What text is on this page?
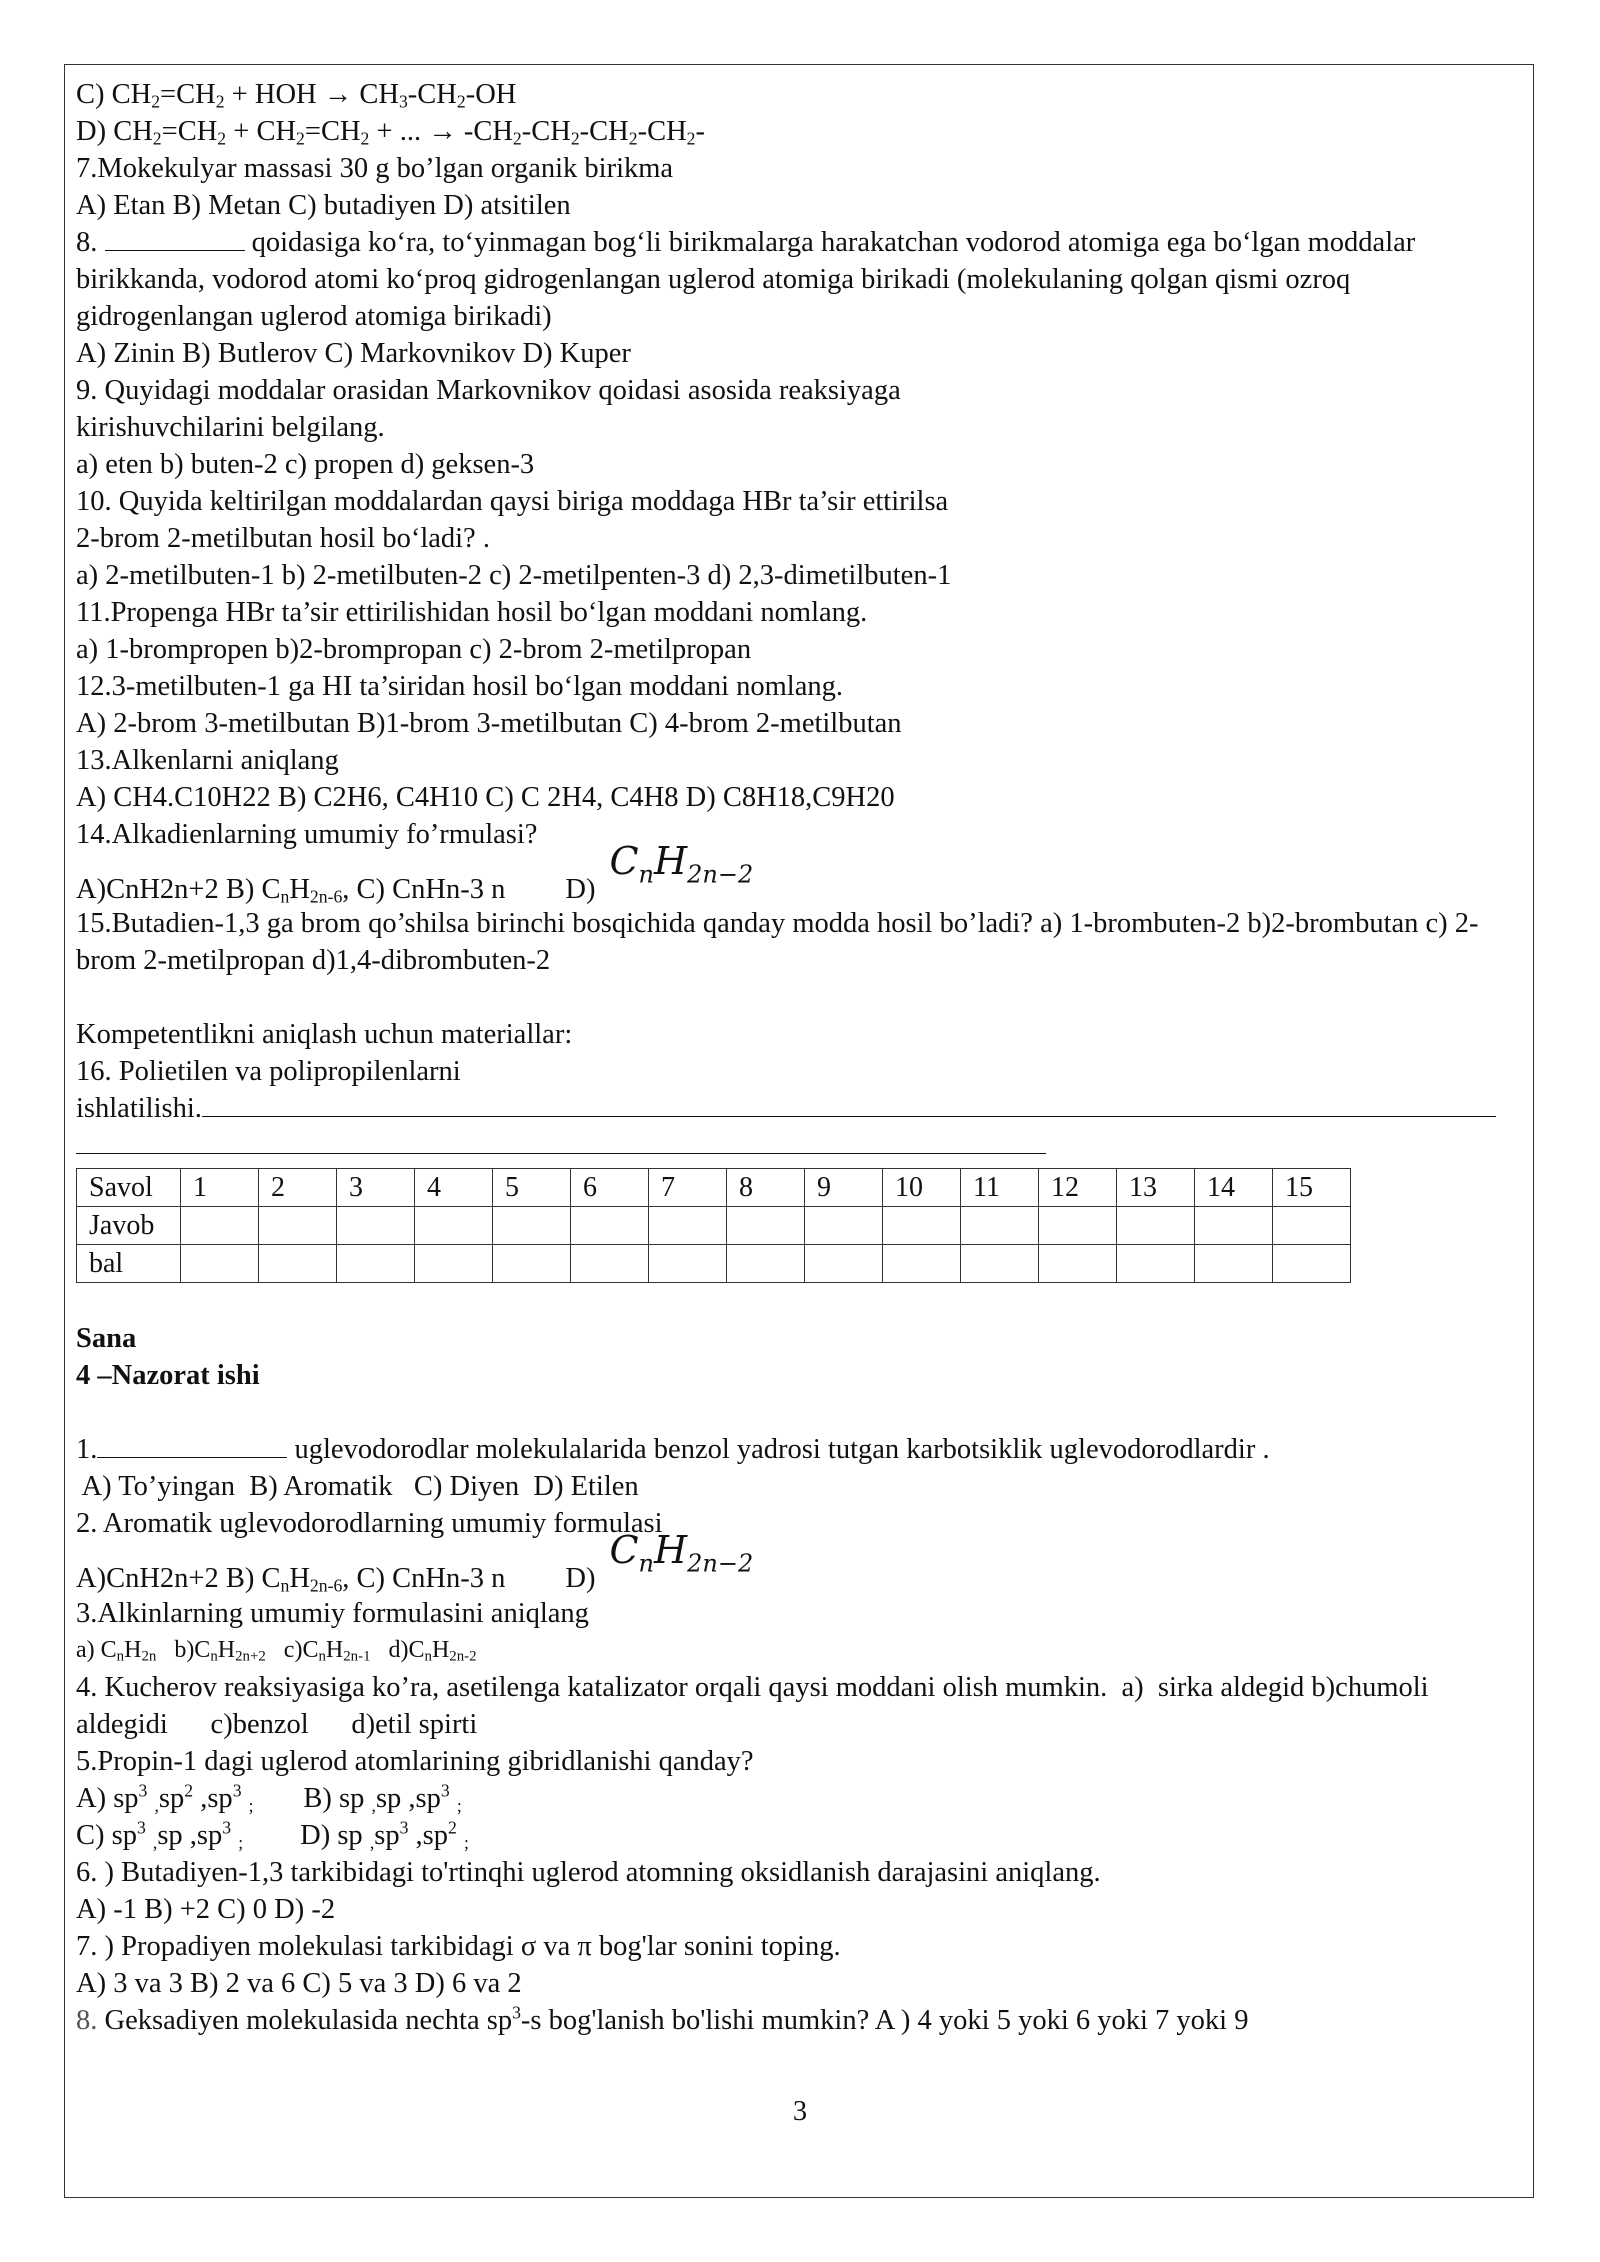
C) $CH_2=CH_2$ + HOH → $CH_3-CH_2-OH$
D) $CH_2=CH_2 + CH_2=CH_2$ + ... → $-CH_2-CH_2-CH_2-CH_2-$
7.Mokekulyar massasi 30 g bo’lgan organik birikma
A) Etan B) Metan C) butadiyen D) atsitilen
8.	qoidasiga ko‘ra, to‘yinmagan bog‘li birikmalarga harakatchan vodorod atomiga ega bo‘lgan moddalar birikkanda, vodorod atomi ko‘proq gidrogenlangan uglerod atomiga birikadi (molekulaning qolgan qismi ozroq gidrogenlangan uglerod atomiga birikadi)
A) Zinin B) Butlerov C) Markovnikov D) Kuper
9. Quyidagi moddalar orasidan Markovnikov qoidasi asosida reaksiyaga
kirishuvchilarini belgilang.
a) eten b) buten-2 c) propen d) geksen-3
10. Quyida keltirilgan moddalardan qaysi biriga moddaga HBr ta’sir ettirilsa
2-brom 2-metilbutan hosil bo‘ladi? .
a) 2-metilbuten-1 b) 2-metilbuten-2 c) 2-metilpenten-3 d) 2,3-dimetilbuten-1
11.Propenga HBr ta’sir ettirilishidan hosil bo‘lgan moddani nomlang.
a) 1-brompropen b)2-brompropan c) 2-brom 2-metilpropan
12.3-metilbuten-1 ga HI ta’siridan hosil bo‘lgan moddani nomlang.
A) 2-brom 3-metilbutan B)1-brom 3-metilbutan C) 4-brom 2-metilbutan
13.Alkenlarni aniqlang
A) CH4.C10H22 B) C2H6, C4H10 C) C 2H4, C4H8 D) C8H18,C9H20
14.Alkadienlarning umumiy fo’rmulasi?
A)CnH2n+2 B) $C_nH_{2n-6}$, C) CnHn-3 n $D)C_nH_{2n-2}$
15.Butadien-1,3 ga brom qo’shilsa birinchi bosqichida qanday modda hosil bo’ladi? a) 1-brombuten-2 b)2-brombutan c) 2-brom 2-metilpropan d)1,4-dibrombuten-2
Kompetentlikni aniqlash uchun materiallar:
16. Polietilen va polipropilenlarni
ishlatilishi.
Savol	1	2	3	4	5	6	7	8	9	10	11	12	13	14	15
Javob															
bal															
Sana
4 –Nazorat ishi
1.	uglevodorodlar molekulalarida benzol yadrosi tutgan karbotsiklik uglevodorodlardir .
A) To’yingan  B) Aromatik   C) Diyen  D) Etilen
2. Aromatik uglevodorodlarning umumiy formulasi
A)CnH2n+2 B) $C_nH_{2n-6}$, C) CnHn-3 n $D)C_nH_{2n-2}$
3.Alkinlarning umumiy formulasini aniqlang
a) $C_nH_{2n}$   $b)C_nH_{2n+2}$   $c)C_nH_{2n-1}$   $d)C_nH_{2n-2}$
4. Kucherov reaksiyasiga ko’ra, asetilenga katalizator orqali qaysi moddani olish mumkin.  a)  sirka aldegid b)chumoli aldegidi      c)benzol      d)etil spirti
5.Propin-1 dagi uglerod atomlarining gibridlanishi qanday?
A) $sp^3$ $_,sp^2$ $,sp^3$ $_;$       B) sp $_,$sp $,sp^3$ $_;$
C) $sp^3$ $_,$sp $,sp^3$ $_;$        D) sp $_,sp^3$ $,sp^2$ $_;$
6. ) Butadiyen-1,3 tarkibidagi to'rtinqhi uglerod atomning oksidlanish darajasini aniqlang.
A) -1 B) +2 C) 0 D) -2
7. ) Propadiyen molekulasi tarkibidagi σ va π bog'lar sonini toping.
A) 3 va 3 B) 2 va 6 C) 5 va 3 D) 6 va 2
8. Geksadiyen molekulasida nechta $sp^3-s$ bog'lanish bo'lishi mumkin? A ) 4 yoki 5 yoki 6 yoki 7 yoki 9
3
